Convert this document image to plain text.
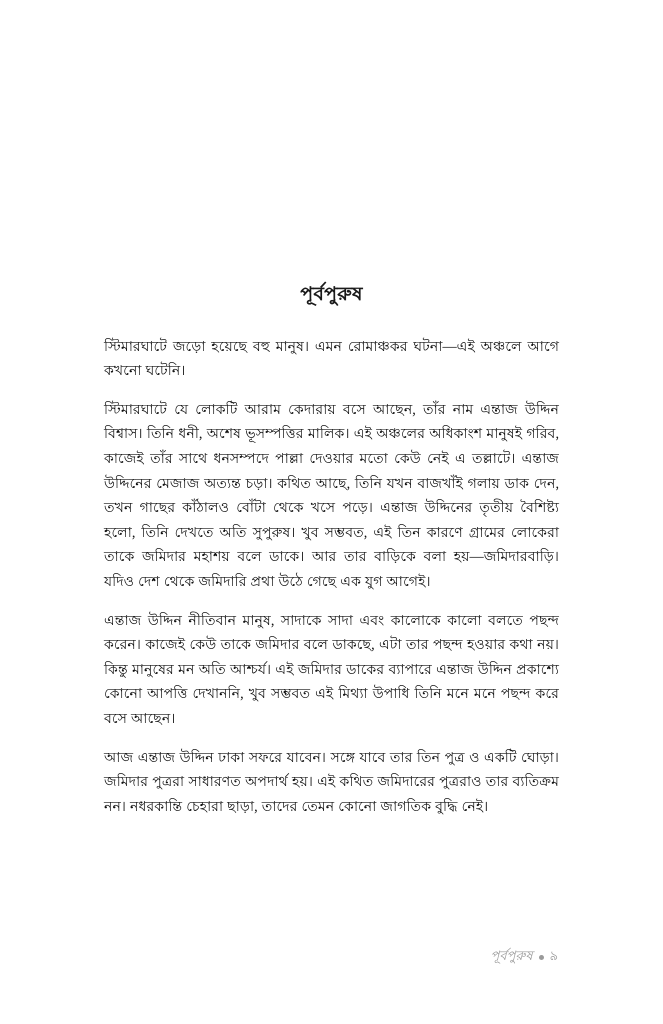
পূর্বপুরুষ

স্টিমারঘাটে জড়ো হয়েছে বহু মানুষ। এমন রোমাঞ্চকর ঘটনা—এই অঞ্চলে আগে কখনো ঘটেনি।

স্টিমারঘাটে যে লোকটি আরাম কেদারায় বসে আছেন, তাঁর নাম এন্তাজ উদ্দিন বিশ্বাস। তিনি ধনী, অশেষ ভূসম্পত্তির মালিক। এই অঞ্চলের অধিকাংশ মানুষই গরিব, কাজেই তাঁর সাথে ধনসম্পদে পাল্লা দেওয়ার মতো কেউ নেই এ তল্লাটে। এন্তাজ উদ্দিনের মেজাজ অত্যন্ত চড়া। কথিত আছে, তিনি যখন বাজখাঁই গলায় ডাক দেন, তখন গাছের কাঁঠালও বোঁটা থেকে খসে পড়ে। এন্তাজ উদ্দিনের তৃতীয় বৈশিষ্ট্য হলো, তিনি দেখতে অতি সুপুরুষ। খুব সম্ভবত, এই তিন কারণে গ্রামের লোকেরা তাকে জমিদার মহাশয় বলে ডাকে। আর তার বাড়িকে বলা হয়—জমিদারবাড়ি। যদিও দেশ থেকে জমিদারি প্রথা উঠে গেছে এক যুগ আগেই।

এন্তাজ উদ্দিন নীতিবান মানুষ, সাদাকে সাদা এবং কালোকে কালো বলতে পছন্দ করেন। কাজেই কেউ তাকে জমিদার বলে ডাকছে, এটা তার পছন্দ হওয়ার কথা নয়। কিন্তু মানুষের মন অতি আশ্চর্য। এই জমিদার ডাকের ব্যাপারে এন্তাজ উদ্দিন প্রকাশ্যে কোনো আপত্তি দেখাননি, খুব সম্ভবত এই মিথ্যা উপাধি তিনি মনে মনে পছন্দ করে বসে আছেন।

আজ এন্তাজ উদ্দিন ঢাকা সফরে যাবেন। সঙ্গে যাবে তার তিন পুত্র ও একটি ঘোড়া। জমিদার পুত্ররা সাধারণত অপদার্থ হয়। এই কথিত জমিদারের পুত্ররাও তার ব্যতিক্রম নন। নধরকান্তি চেহারা ছাড়া, তাদের তেমন কোনো জাগতিক বুদ্ধি নেই।

পূর্বপুরুষ ৯
